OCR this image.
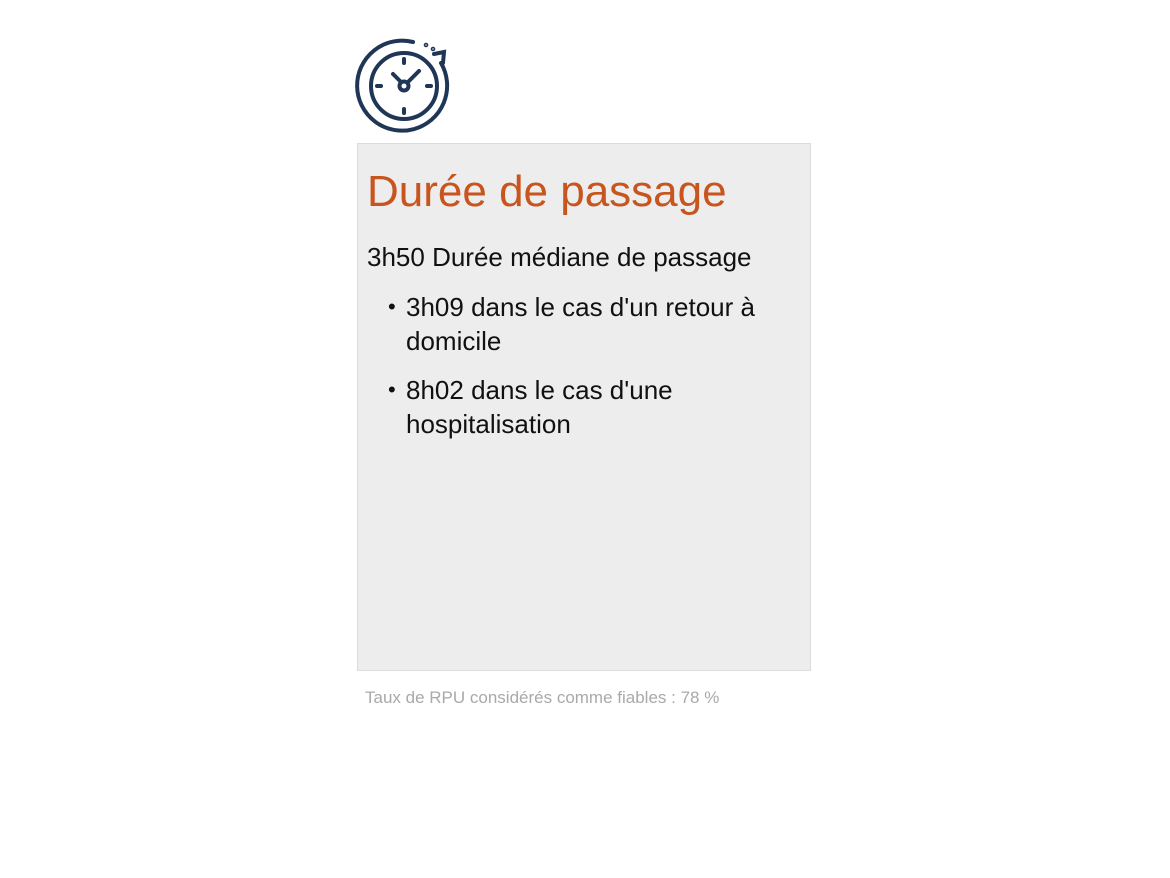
Durée de passage

3h50 Durée médiane de passage

• 3h09 dans le cas d'un retour à domicile
• 8h02 dans le cas d'une hospitalisation

Taux de RPU considérés comme fiables : 78 %
